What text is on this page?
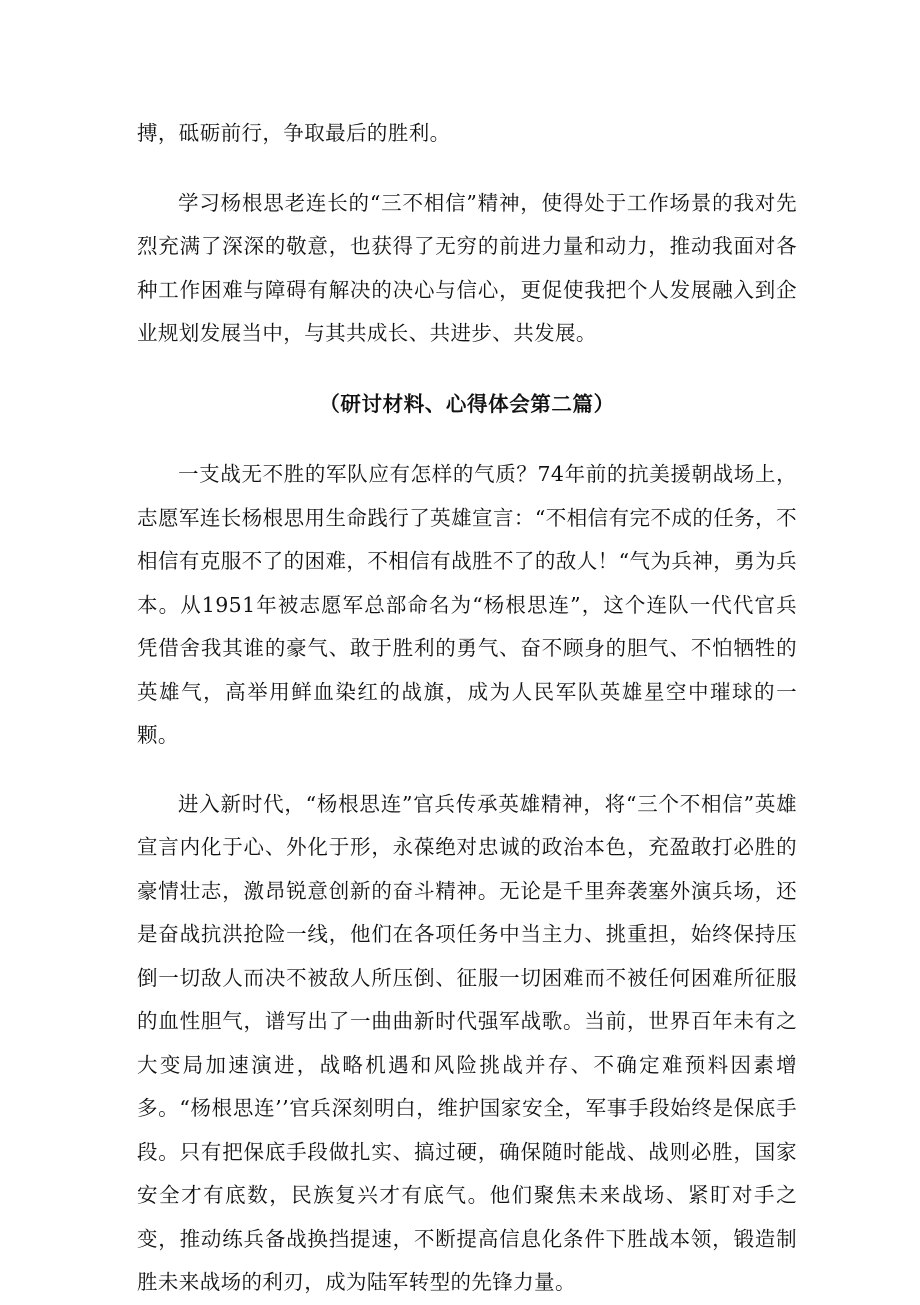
搏，砥砺前行，争取最后的胜利。

学习杨根思老连长的“三不相信”精神，使得处于工作场景的我对先烈充满了深深的敬意，也获得了无穷的前进力量和动力，推动我面对各种工作困难与障碍有解决的决心与信心，更促使我把个人发展融入到企业规划发展当中，与其共成长、共进步、共发展。

（研讨材料、心得体会第二篇）

一支战无不胜的军队应有怎样的气质？74年前的抗美援朝战场上，志愿军连长杨根思用生命践行了英雄宣言：“不相信有完不成的任务，不相信有克服不了的困难，不相信有战胜不了的敌人！“气为兵神，勇为兵本。从1951年被志愿军总部命名为“杨根思连”，这个连队一代代官兵凭借舍我其谁的豪气、敢于胜利的勇气、奋不顾身的胆气、不怕牺牲的英雄气，高举用鲜血染红的战旗，成为人民军队英雄星空中璀球的一颗。

进入新时代，“杨根思连”官兵传承英雄精神，将“三个不相信”英雄宣言内化于心、外化于形，永葆绝对忠诚的政治本色，充盈敢打必胜的豪情壮志，激昂锐意创新的奋斗精神。无论是千里奔袭塞外演兵场，还是奋战抗洪抢险一线，他们在各项任务中当主力、挑重担，始终保持压倒一切敌人而决不被敌人所压倒、征服一切困难而不被任何困难所征服的血性胆气，谱写出了一曲曲新时代强军战歌。当前，世界百年未有之大变局加速演进，战略机遇和风险挑战并存、不确定难预料因素增多。“杨根思连’’官兵深刻明白，维护国家安全，军事手段始终是保底手段。只有把保底手段做扎实、搞过硬，确保随时能战、战则必胜，国家安全才有底数，民族复兴才有底气。他们聚焦未来战场、紧盯对手之变，推动练兵备战换挡提速，不断提高信息化条件下胜战本领，锻造制胜未来战场的利刃，成为陆军转型的先锋力量。
